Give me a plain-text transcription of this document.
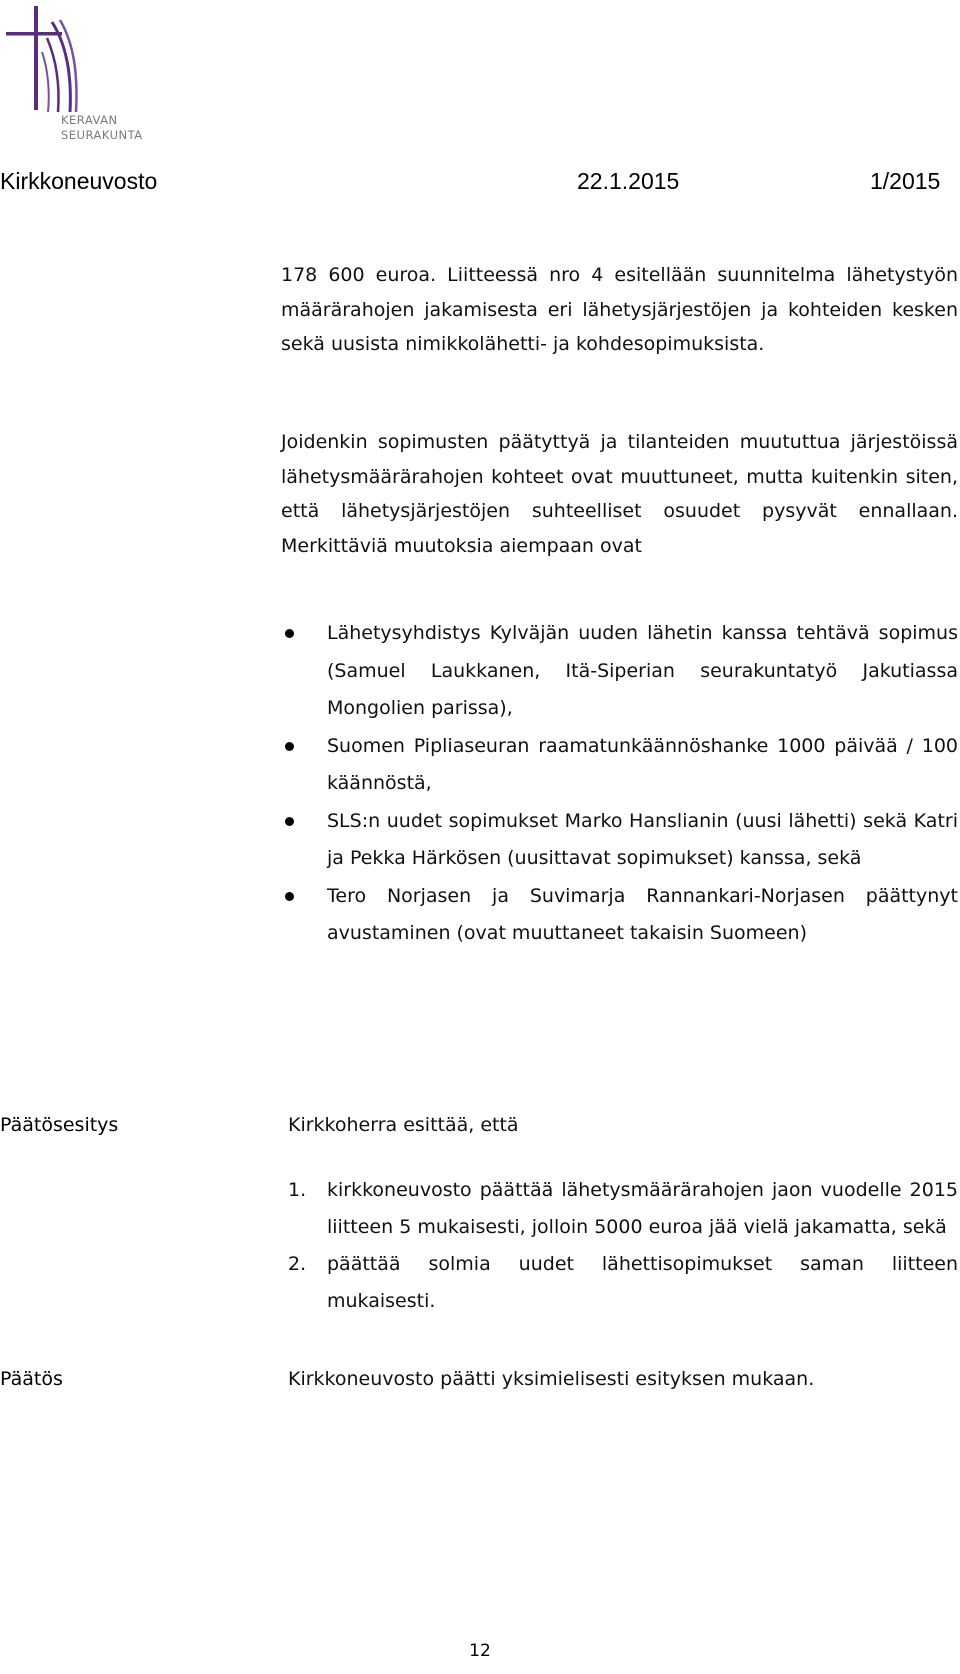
KERAVAN
SEURAKUNTA
Kirkkoneuvosto	22.1.2015	1/2015

178 600 euroa. Liitteessä nro 4 esitellään suunnitelma lähetystyön määrärahojen jakamisesta eri lähetysjärjestöjen ja kohteiden kesken sekä uusista nimikkolähetti- ja kohdesopimuksista.

Joidenkin sopimusten päätyttyä ja tilanteiden muututtua järjestöissä lähetysmäärärahojen kohteet ovat muuttuneet, mutta kuitenkin siten, että lähetysjärjestöjen suhteelliset osuudet pysyvät ennallaan. Merkittäviä muutoksia aiempaan ovat

Lähetysyhdistys Kylväjän uuden lähetin kanssa tehtävä sopimus (Samuel Laukkanen, Itä-Siperian seurakuntatyö Jakutiassa Mongolien parissa),
Suomen Pipliaseuran raamatunkäännöshanke 1000 päivää / 100 käännöstä,
SLS:n uudet sopimukset Marko Hanslianin (uusi lähetti) sekä Katri ja Pekka Härkösen (uusittavat sopimukset) kanssa, sekä
Tero Norjasen ja Suvimarja Rannankari-Norjasen päättynyt avustaminen (ovat muuttaneet takaisin Suomeen)
Päätösesitys	Kirkkoherra esittää, että
1. kirkkoneuvosto päättää lähetysmäärärahojen jaon vuodelle 2015 liitteen 5 mukaisesti, jolloin 5000 euroa jää vielä jakamatta, sekä
2. päättää solmia uudet lähettisopimukset saman liitteen mukaisesti.
Päätös	Kirkkoneuvosto päätti yksimielisesti esityksen mukaan.
12
